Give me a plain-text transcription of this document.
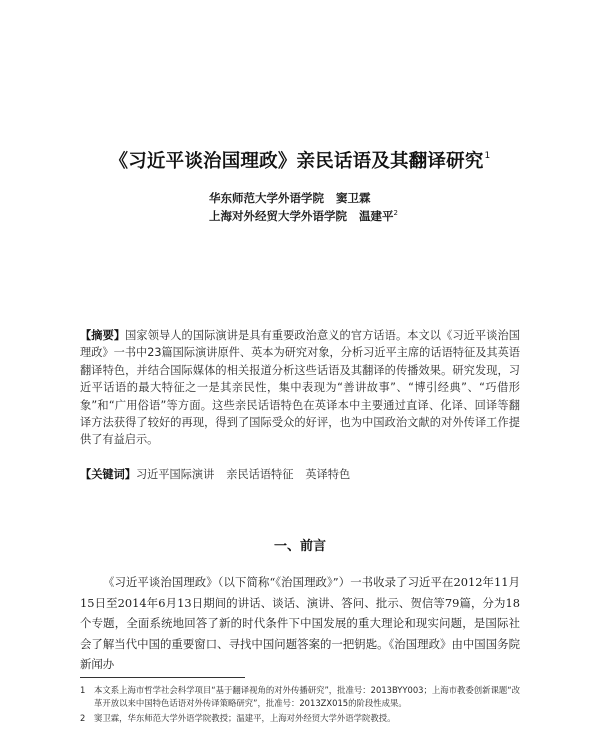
《习近平谈治国理政》亲民话语及其翻译研究$^1$
华东师范大学外语学院 窦卫霖
上海对外经贸大学外语学院 温建平$^2$
【摘要】国家领导人的国际演讲是具有重要政治意义的官方话语。本文以《习近平谈治国理政》一书中23篇国际演讲原件、英本为研究对象，分析习近平主席的话语特征及其英语翻译特色，并结合国际媒体的相关报道分析这些话语及其翻译的传播效果。研究发现，习近平话语的最大特征之一是其亲民性，集中表现为“善讲故事”、“博引经典”、“巧借形象”和“广用俗语”等方面。这些亲民话语特色在英译本中主要通过直译、化译、回译等翻译方法获得了较好的再现，得到了国际受众的好评，也为中国政治文献的对外传译工作提供了有益启示。
【关键词】习近平国际演讲 亲民话语特征 英译特色
一、前言
《习近平谈治国理政》（以下简称“《治国理政》”）一书收录了习近平在2012年11月15日至2014年6月13日期间的讲话、谈话、演讲、答问、批示、贺信等79篇，分为18个专题，全面系统地回答了新的时代条件下中国发展的重大理论和现实问题，是国际社会了解当代中国的重要窗口、寻找中国问题答案的一把钥匙。《治国理政》由中国国务院新闻办
1 本文系上海市哲学社会科学项目“基于翻译视角的对外传播研究”，批准号：2013BYY003；上海市教委创新课题“改革开放以来中国特色话语对外传译策略研究”，批准号：2013ZX015的阶段性成果。
2 窦卫霖，华东师范大学外语学院教授；温建平，上海对外经贸大学外语学院教授。
